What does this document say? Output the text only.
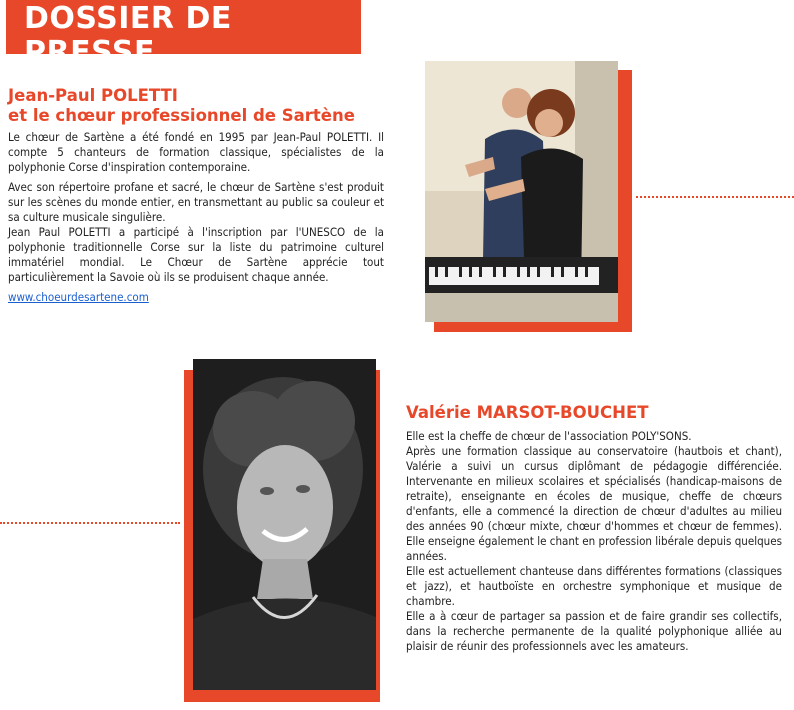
DOSSIER DE PRESSE
Jean-Paul POLETTI
et le chœur professionnel de Sartène

Le chœur de Sartène a été fondé en 1995 par Jean-Paul POLETTI. Il compte 5 chanteurs de formation classique, spécialistes de la polyphonie Corse d'inspiration contemporaine.

Avec son répertoire profane et sacré, le chœur de Sartène s'est produit sur les scènes du monde entier, en transmettant au public sa couleur et sa culture musicale singulière.

Jean Paul POLETTI a participé à l'inscription par l'UNESCO de la polyphonie traditionnelle Corse sur la liste du patrimoine culturel immatériel mondial. Le Chœur de Sartène apprécie tout particulièrement la Savoie où ils se produisent chaque année.

www.choeurdesartene.com
Valérie MARSOT-BOUCHET

Elle est la cheffe de chœur de l'association POLY'SONS.

Après une formation classique au conservatoire (hautbois et chant), Valérie a suivi un cursus diplômant de pédagogie différenciée. Intervenante en milieux scolaires et spécialisés (handicap-maisons de retraite), enseignante en écoles de musique, cheffe de chœurs d'enfants, elle a commencé la direction de chœur d'adultes au milieu des années 90 (chœur mixte, chœur d'hommes et chœur de femmes). Elle enseigne également le chant en profession libérale depuis quelques années.

Elle est actuellement chanteuse dans différentes formations (classiques et jazz), et hautboïste en orchestre symphonique et musique de chambre.

Elle a à cœur de partager sa passion et de faire grandir ses collectifs, dans la recherche permanente de la qualité polyphonique alliée au plaisir de réunir des professionnels avec les amateurs.
